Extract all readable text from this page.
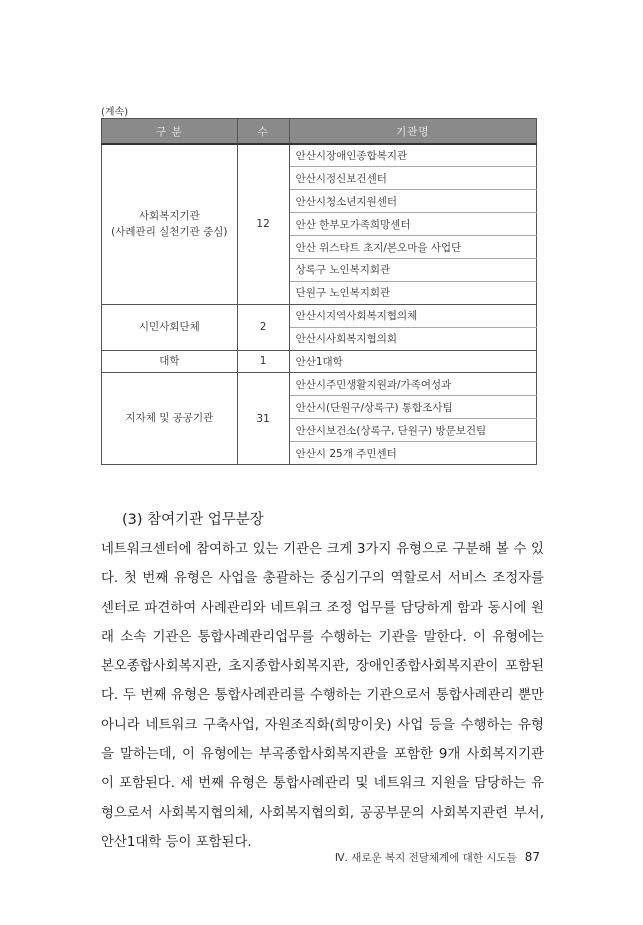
(계속)
구 분	수	기관명
사회복지기관
(사례관리 실천기관 중심)	12	안산시장애인종합복지관
		안산시정신보건센터
		안산시청소년지원센터
		안산 한부모가족희망센터
		안산 위스타트 초지/본오마을 사업단
		상록구 노인복지회관
		단원구 노인복지회관
시민사회단체	2	안산시지역사회복지협의체
		안산시사회복지협의회
대학	1	안산1대학
지자체 및 공공기관	31	안산시주민생활지원과/가족여성과
		안산시(단원구/상록구) 통합조사팀
		안산시보건소(상록구, 단원구) 방문보건팀
		안산시 25개 주민센터
(3) 참여기관 업무분장

네트워크센터에 참여하고 있는 기관은 크게 3가지 유형으로 구분해 볼 수 있다. 첫 번째 유형은 사업을 총괄하는 중심기구의 역할로서 서비스 조정자를 센터로 파견하여 사례관리와 네트워크 조정 업무를 담당하게 함과 동시에 원래 소속 기관은 통합사례관리업무를 수행하는 기관을 말한다. 이 유형에는 본오종합사회복지관, 초지종합사회복지관, 장애인종합사회복지관이 포함된다. 두 번째 유형은 통합사례관리를 수행하는 기관으로서 통합사례관리 뿐만 아니라 네트워크 구축사업, 자원조직화(희망이웃) 사업 등을 수행하는 유형을 말하는데, 이 유형에는 부곡종합사회복지관을 포함한 9개 사회복지기관이 포함된다. 세 번째 유형은 통합사례관리 및 네트워크 지원을 담당하는 유형으로서 사회복지협의체, 사회복지협의회, 공공부문의 사회복지관련 부서, 안산1대학 등이 포함된다.

Ⅳ. 새로운 복지 전달체계에 대한 시도들 87
